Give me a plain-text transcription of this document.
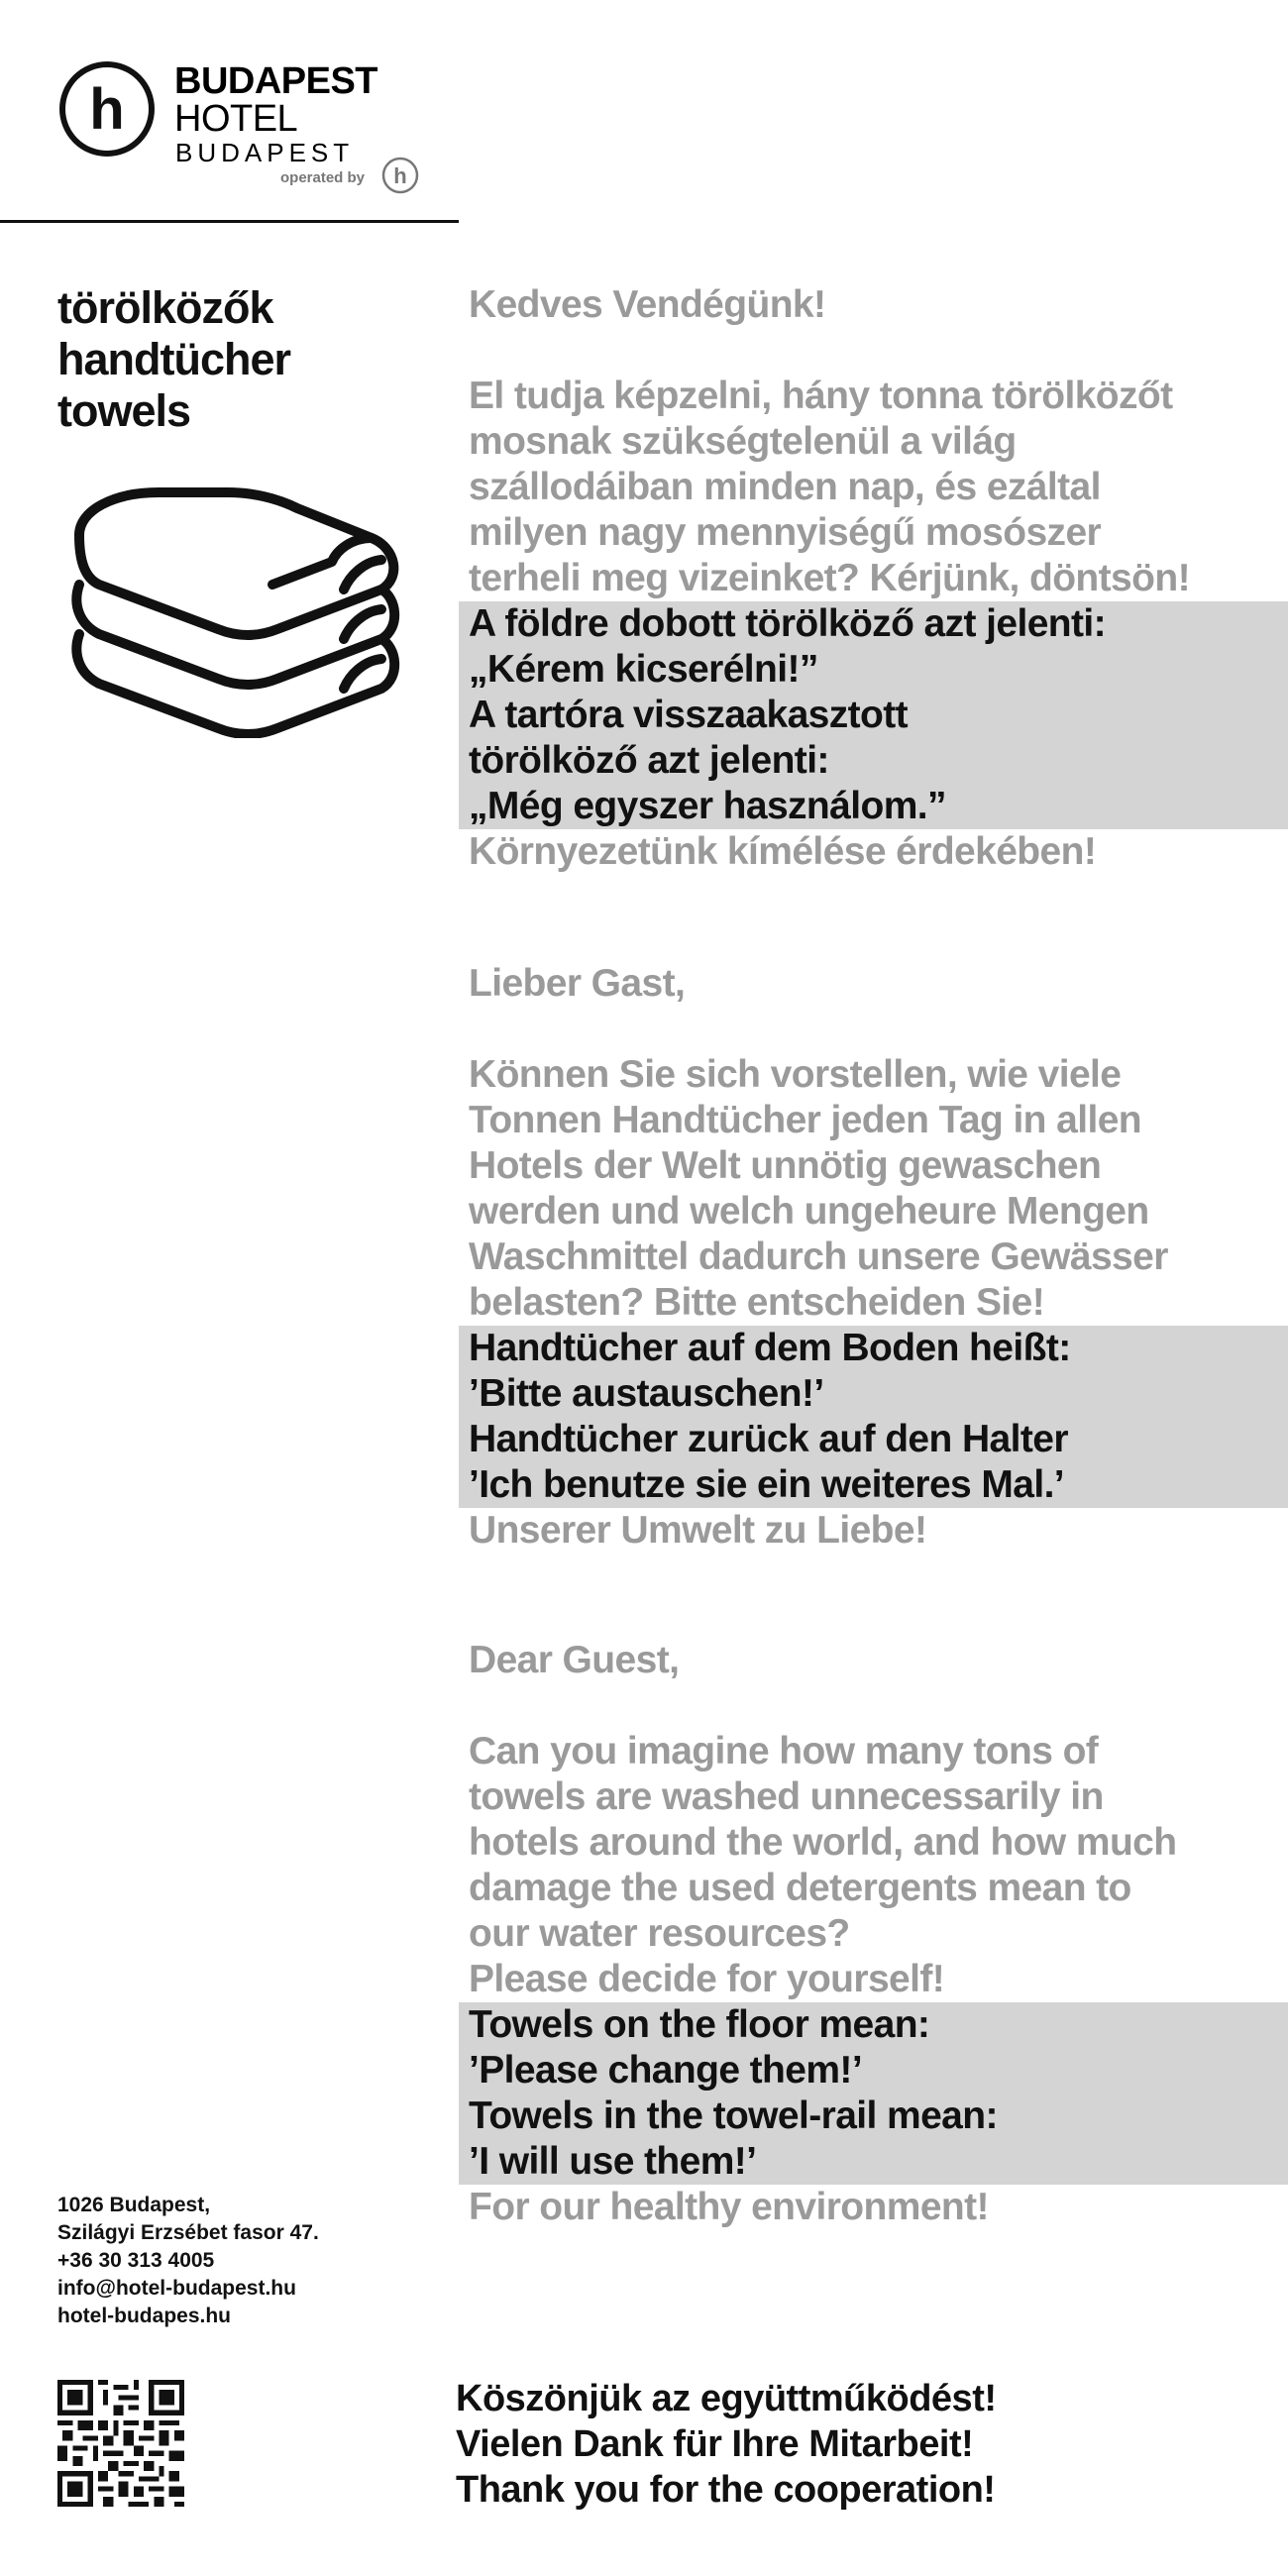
h BUDAPEST
HOTEL
BUDAPEST
operated by h
törölközők
handtücher
towels
1026 Budapest,
Szilágyi Erzsébet fasor 47.
+36 30 313 4005
info@hotel-budapest.hu
hotel-budapes.hu
Köszönjük az együttműködést!
Vielen Dank für Ihre Mitarbeit!
Thank you for the cooperation!
Kedves Vendégünk!
El tudja képzelni, hány tonna törölközőt
mosnak szükségtelenül a világ
szállodáiban minden nap, és ezáltal
milyen nagy mennyiségű mosószer
terheli meg vizeinket? Kérjünk, döntsön!
A földre dobott törölköző azt jelenti:
„Kérem kicserélni!”
A tartóra visszaakasztott
törölköző azt jelenti:
„Még egyszer használom.”
Környezetünk kímélése érdekében!
Lieber Gast,
Können Sie sich vorstellen, wie viele
Tonnen Handtücher jeden Tag in allen
Hotels der Welt unnötig gewaschen
werden und welch ungeheure Mengen
Waschmittel dadurch unsere Gewässer
belasten? Bitte entscheiden Sie!
Handtücher auf dem Boden heißt:
’Bitte austauschen!’
Handtücher zurück auf den Halter
’Ich benutze sie ein weiteres Mal.’
Unserer Umwelt zu Liebe!
Dear Guest,
Can you imagine how many tons of
towels are washed unnecessarily in
hotels around the world, and how much
damage the used detergents mean to
our water resources?
Please decide for yourself!
Towels on the floor mean:
’Please change them!’
Towels in the towel-rail mean:
’I will use them!’
For our healthy environment!
